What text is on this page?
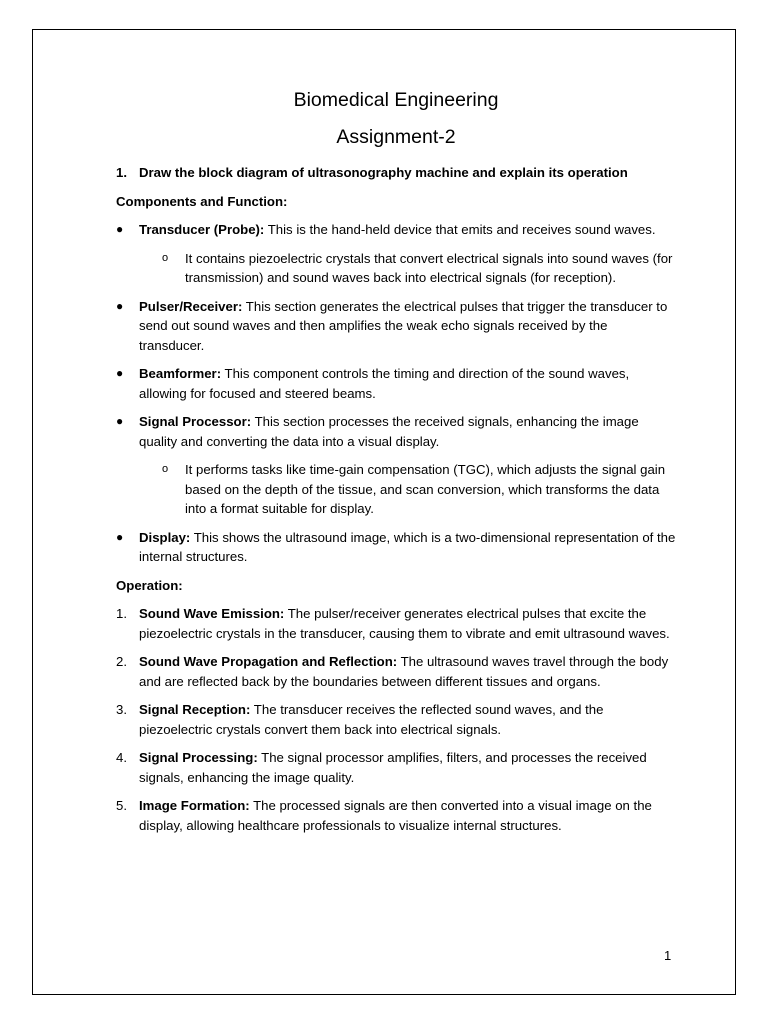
Biomedical Engineering
Assignment-2
1. Draw the block diagram of ultrasonography machine and explain its operation
Components and Function:
●	Transducer (Probe): This is the hand-held device that emits and receives sound waves.
o	It contains piezoelectric crystals that convert electrical signals into sound waves (for transmission) and sound waves back into electrical signals (for reception).
●	Pulser/Receiver: This section generates the electrical pulses that trigger the transducer to send out sound waves and then amplifies the weak echo signals received by the transducer.
●	Beamformer: This component controls the timing and direction of the sound waves, allowing for focused and steered beams.
●	Signal Processor: This section processes the received signals, enhancing the image quality and converting the data into a visual display.
o	It performs tasks like time-gain compensation (TGC), which adjusts the signal gain based on the depth of the tissue, and scan conversion, which transforms the data into a format suitable for display.
●	Display: This shows the ultrasound image, which is a two-dimensional representation of the internal structures.
Operation:
1. Sound Wave Emission: The pulser/receiver generates electrical pulses that excite the piezoelectric crystals in the transducer, causing them to vibrate and emit ultrasound waves.
2. Sound Wave Propagation and Reflection: The ultrasound waves travel through the body and are reflected back by the boundaries between different tissues and organs.
3. Signal Reception: The transducer receives the reflected sound waves, and the piezoelectric crystals convert them back into electrical signals.
4. Signal Processing: The signal processor amplifies, filters, and processes the received signals, enhancing the image quality.
5. Image Formation: The processed signals are then converted into a visual image on the display, allowing healthcare professionals to visualize internal structures.
1
